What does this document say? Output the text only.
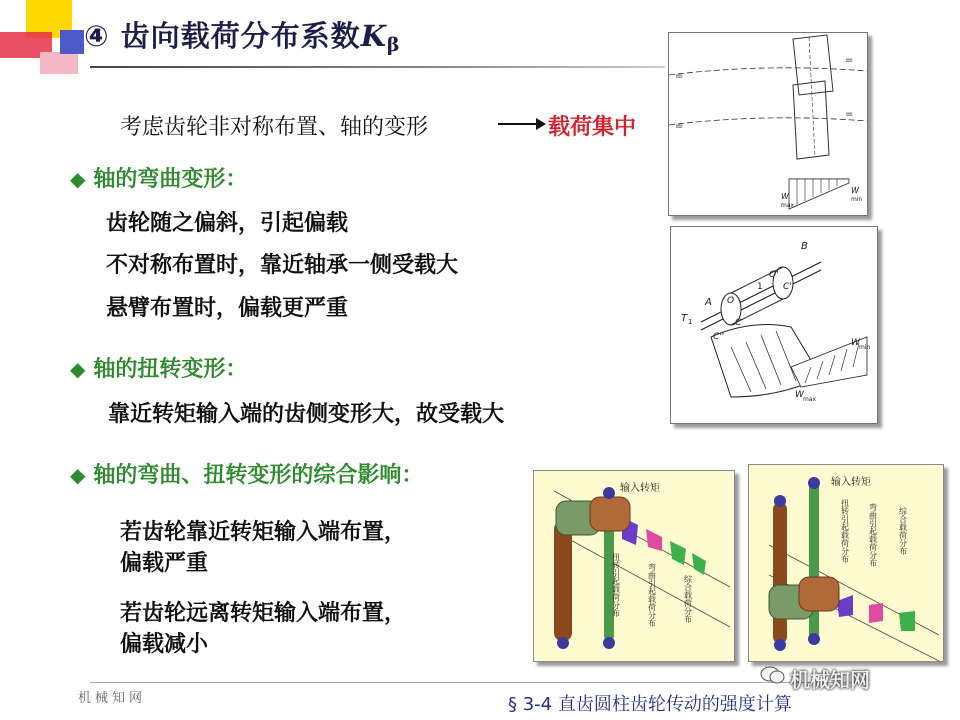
④ 齿向载荷分布系数$K_\beta$
考虑齿轮非对称布置、轴的变形	载荷集中
◆ 轴的弯曲变形：
齿轮随之偏斜，引起偏载
不对称布置时，靠近轴承一侧受载大
悬臂布置时，偏载更严重
◆ 轴的扭转变形：
靠近转矩输入端的齿侧变形大，故受载大
◆ 轴的弯曲、扭转变形的综合影响：
若齿轮靠近转矩输入端布置，
偏载严重
若齿轮远离转矩输入端布置，
偏载减小
=
=
=
=
W
max
W
min
B
A
T 1
O'
C'
1
O
C
C''
W min
W max
输入转矩
扭转引起载荷分布	弯曲引起载荷分布	综合载荷分布
输入转矩
扭转引起载荷分布 弯曲引起载荷分布	综合载荷分布
机械知网	§ 3-4 直齿圆柱齿轮传动的强度计算
机械知网
